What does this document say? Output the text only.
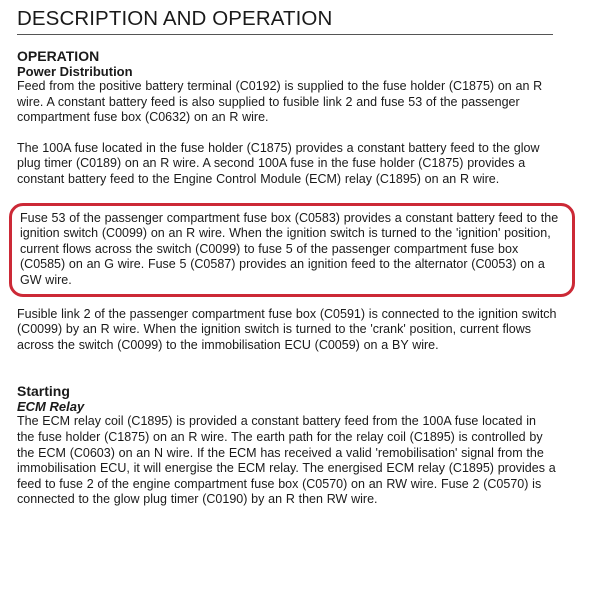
DESCRIPTION AND OPERATION
OPERATION
Power Distribution

Feed from the positive battery terminal (C0192) is supplied to the fuse holder (C1875) on an R wire. A constant battery feed is also supplied to fusible link 2 and fuse 53 of the passenger compartment fuse box (C0632) on an R wire.

The 100A fuse located in the fuse holder (C1875) provides a constant battery feed to the glow plug timer (C0189) on an R wire. A second 100A fuse in the fuse holder (C1875) provides a constant battery feed to the Engine Control Module (ECM) relay (C1895) on an R wire.

Fuse 53 of the passenger compartment fuse box (C0583) provides a constant battery feed to the ignition switch (C0099) on an R wire. When the ignition switch is turned to the 'ignition' position, current flows across the switch (C0099) to fuse 5 of the passenger compartment fuse box (C0585) on an G wire. Fuse 5 (C0587) provides an ignition feed to the alternator (C0053) on a GW wire.

Fusible link 2 of the passenger compartment fuse box (C0591) is connected to the ignition switch (C0099) by an R wire. When the ignition switch is turned to the 'crank' position, current flows across the switch (C0099) to the immobilisation ECU (C0059) on a BY wire.

Starting
ECM Relay

The ECM relay coil (C1895) is provided a constant battery feed from the 100A fuse located in the fuse holder (C1875) on an R wire. The earth path for the relay coil (C1895) is controlled by the ECM (C0603) on an N wire. If the ECM has received a valid 'remobilisation' signal from the immobilisation ECU, it will energise the ECM relay. The energised ECM relay (C1895) provides a feed to fuse 2 of the engine compartment fuse box (C0570) on an RW wire. Fuse 2 (C0570) is connected to the glow plug timer (C0190) by an R then RW wire.
